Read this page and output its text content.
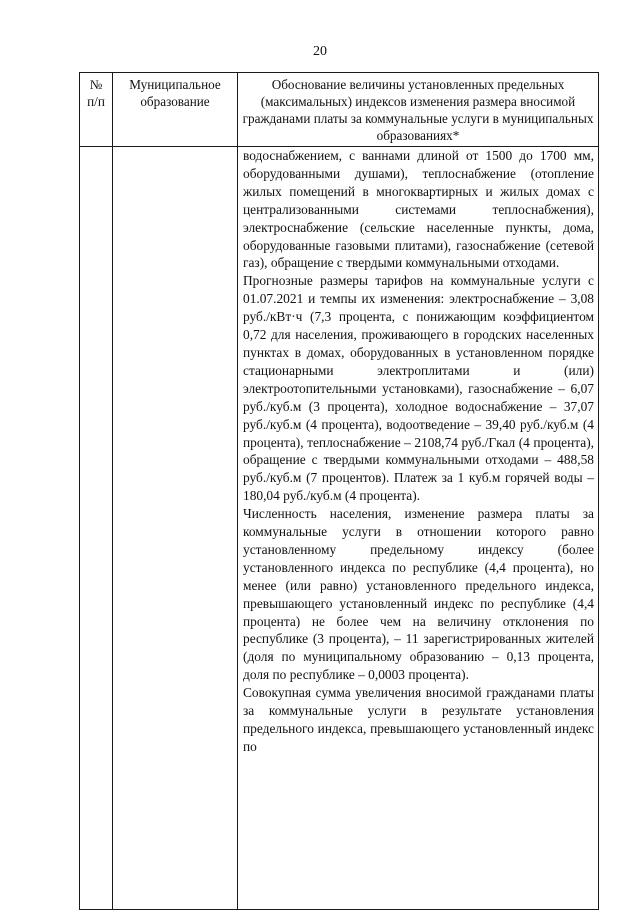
20
№ п/п	Муниципальное образование	Обоснование величины установленных предельных (максимальных) индексов изменения размера вносимой гражданами платы за коммунальные услуги в муниципальных образованиях*

		водоснабжением, с ваннами длиной от 1500 до 1700 мм, оборудованными душами), теплоснабжение (отопление жилых помещений в многоквартирных и жилых домах с централизованными системами теплоснабжения), электроснабжение (сельские населенные пункты, дома, оборудованные газовыми плитами), газоснабжение (сетевой газ), обращение с твердыми коммунальными отходами.

Прогнозные размеры тарифов на коммунальные услуги с 01.07.2021 и темпы их изменения: электроснабжение – 3,08 руб./кВт·ч (7,3 процента, с понижающим коэффициентом 0,72 для населения, проживающего в городских населенных пунктах в домах, оборудованных в установленном порядке стационарными электроплитами и (или) электроотопительными установками), газоснабжение – 6,07 руб./куб.м (3 процента), холодное водоснабжение – 37,07 руб./куб.м (4 процента), водоотведение – 39,40 руб./куб.м (4 процента), теплоснабжение – 2108,74 руб./Гкал (4 процента), обращение с твердыми коммунальными отходами – 488,58 руб./куб.м (7 процентов). Платеж за 1 куб.м горячей воды – 180,04 руб./куб.м (4 процента).

Численность населения, изменение размера платы за коммунальные услуги в отношении которого равно установленному предельному индексу (более установленного индекса по республике (4,4 процента), но менее (или равно) установленного предельного индекса, превышающего установленный индекс по республике (4,4 процента) не более чем на величину отклонения по республике (3 процента), – 11 зарегистрированных жителей (доля по муниципальному образованию – 0,13 процента, доля по республике – 0,0003 процента).

Совокупная сумма увеличения вносимой гражданами платы за коммунальные услуги в результате установления предельного индекса, превышающего установленный индекс по
